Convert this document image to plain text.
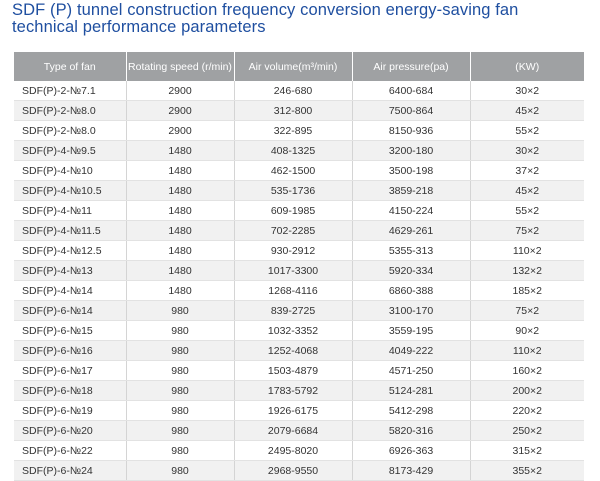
SDF (P) tunnel construction frequency conversion energy-saving fan
technical performance parameters
Type of fan	Rotating speed (r/min)	Air volume(m³/min)	Air pressure(pa)	(KW)
SDF(P)-2-№7.1	2900	246-680	6400-684	30×2
SDF(P)-2-№8.0	2900	312-800	7500-864	45×2
SDF(P)-2-№8.0	2900	322-895	8150-936	55×2
SDF(P)-4-№9.5	1480	408-1325	3200-180	30×2
SDF(P)-4-№10	1480	462-1500	3500-198	37×2
SDF(P)-4-№10.5	1480	535-1736	3859-218	45×2
SDF(P)-4-№11	1480	609-1985	4150-224	55×2
SDF(P)-4-№11.5	1480	702-2285	4629-261	75×2
SDF(P)-4-№12.5	1480	930-2912	5355-313	110×2
SDF(P)-4-№13	1480	1017-3300	5920-334	132×2
SDF(P)-4-№14	1480	1268-4116	6860-388	185×2
SDF(P)-6-№14	980	839-2725	3100-170	75×2
SDF(P)-6-№15	980	1032-3352	3559-195	90×2
SDF(P)-6-№16	980	1252-4068	4049-222	110×2
SDF(P)-6-№17	980	1503-4879	4571-250	160×2
SDF(P)-6-№18	980	1783-5792	5124-281	200×2
SDF(P)-6-№19	980	1926-6175	5412-298	220×2
SDF(P)-6-№20	980	2079-6684	5820-316	250×2
SDF(P)-6-№22	980	2495-8020	6926-363	315×2
SDF(P)-6-№24	980	2968-9550	8173-429	355×2
